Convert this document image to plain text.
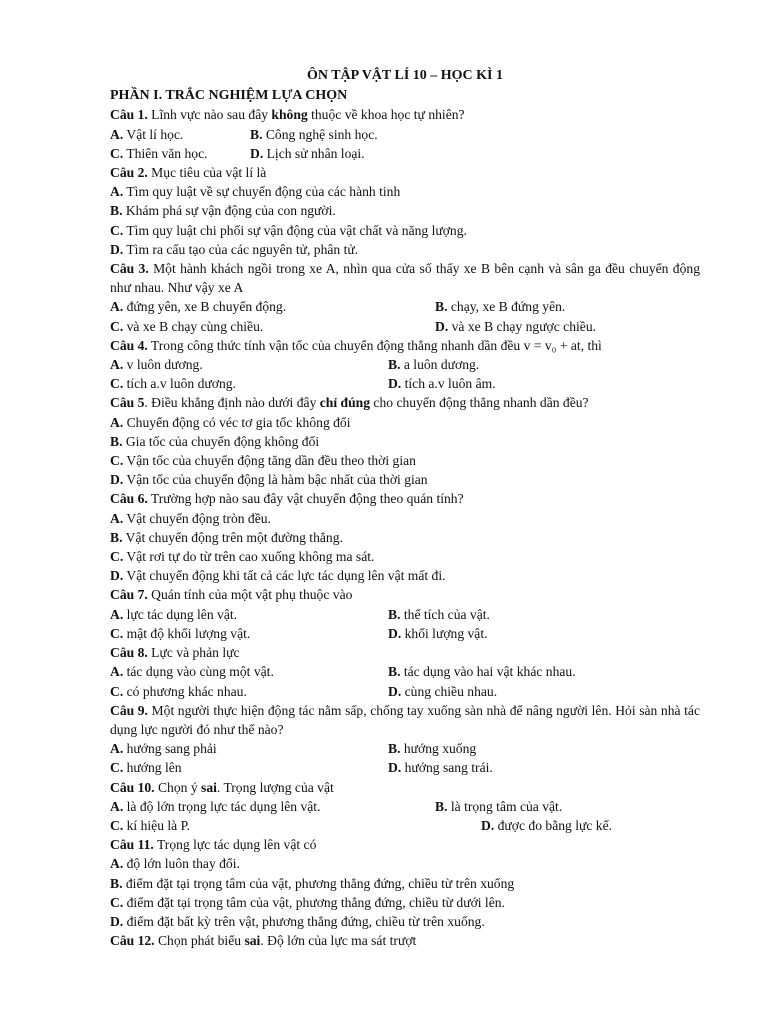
ÔN TẬP VẬT LÍ 10 – HỌC KÌ 1
PHẦN I. TRẮC NGHIỆM LỰA CHỌN
Câu 1. Lĩnh vực nào sau đây không thuộc về khoa học tự nhiên?
A. Vật lí học.	B. Công nghệ sinh học.
C. Thiên văn học.	D. Lịch sử nhân loại.
Câu 2. Mục tiêu của vật lí là
A. Tìm quy luật về sự chuyển động của các hành tinh
B. Khám phá sự vận động của con người.
C. Tìm quy luật chi phối sự vận động của vật chất và năng lượng.
D. Tìm ra cấu tạo của các nguyên tử, phân tử.
Câu 3. Một hành khách ngồi trong xe A, nhìn qua cửa số thấy xe B bên cạnh và sân ga đều chuyển động như nhau. Như vậy xe A
A. đứng yên, xe B chuyển động.	B. chạy, xe B đứng yên.
C. và xe B chạy cùng chiều.	D. và xe B chạy ngược chiều.
Câu 4. Trong công thức tính vận tốc của chuyển động thẳng nhanh dần đều v = v₀ + at, thì
A. v luôn dương.	B. a luôn dương.
C. tích a.v luôn dương.	D. tích a.v luôn âm.
Câu 5. Điều khẳng định nào dưới đây chỉ đúng cho chuyển động thẳng nhanh dần đều?
A. Chuyển động có véc tơ gia tốc không đổi
B. Gia tốc của chuyển động không đổi
C. Vận tốc của chuyển động tăng dần đều theo thời gian
D. Vận tốc của chuyển động là hàm bậc nhất của thời gian
Câu 6. Trường hợp nào sau đây vật chuyển động theo quán tính?
A. Vật chuyển động tròn đều.
B. Vật chuyển động trên một đường thẳng.
C. Vật rơi tự do từ trên cao xuống không ma sát.
D. Vật chuyển động khi tất cả các lực tác dụng lên vật mất đi.
Câu 7. Quán tính của một vật phụ thuộc vào
A. lực tác dụng lên vật.	B. thể tích của vật.
C. mật độ khối lượng vật.	D. khối lượng vật.
Câu 8. Lực và phản lực
A. tác dụng vào cùng một vật.	B. tác dụng vào hai vật khác nhau.
C. có phương khác nhau.	D. cùng chiều nhau.
Câu 9. Một người thực hiện động tác nằm sấp, chống tay xuống sàn nhà để nâng người lên. Hỏi sàn nhà tác dụng lực người đó như thế nào?
A. hướng sang phải	B. hướng xuống
C. hướng lên	D. hướng sang trái.
Câu 10. Chọn ý sai. Trọng lượng của vật
A. là độ lớn trọng lực tác dụng lên vật.	B. là trọng tâm của vật.
C. kí hiệu là P.	D. được đo bằng lực kế.
Câu 11. Trọng lực tác dụng lên vật có
A. độ lớn luôn thay đổi.
B. điểm đặt tại trọng tâm của vật, phương thẳng đứng, chiều từ trên xuống
C. điểm đặt tại trọng tâm của vật, phương thẳng đứng, chiều từ dưới lên.
D. điểm đặt bất kỳ trên vật, phương thẳng đứng, chiều từ trên xuống.
Câu 12. Chọn phát biểu sai. Độ lớn của lực ma sát trượt
